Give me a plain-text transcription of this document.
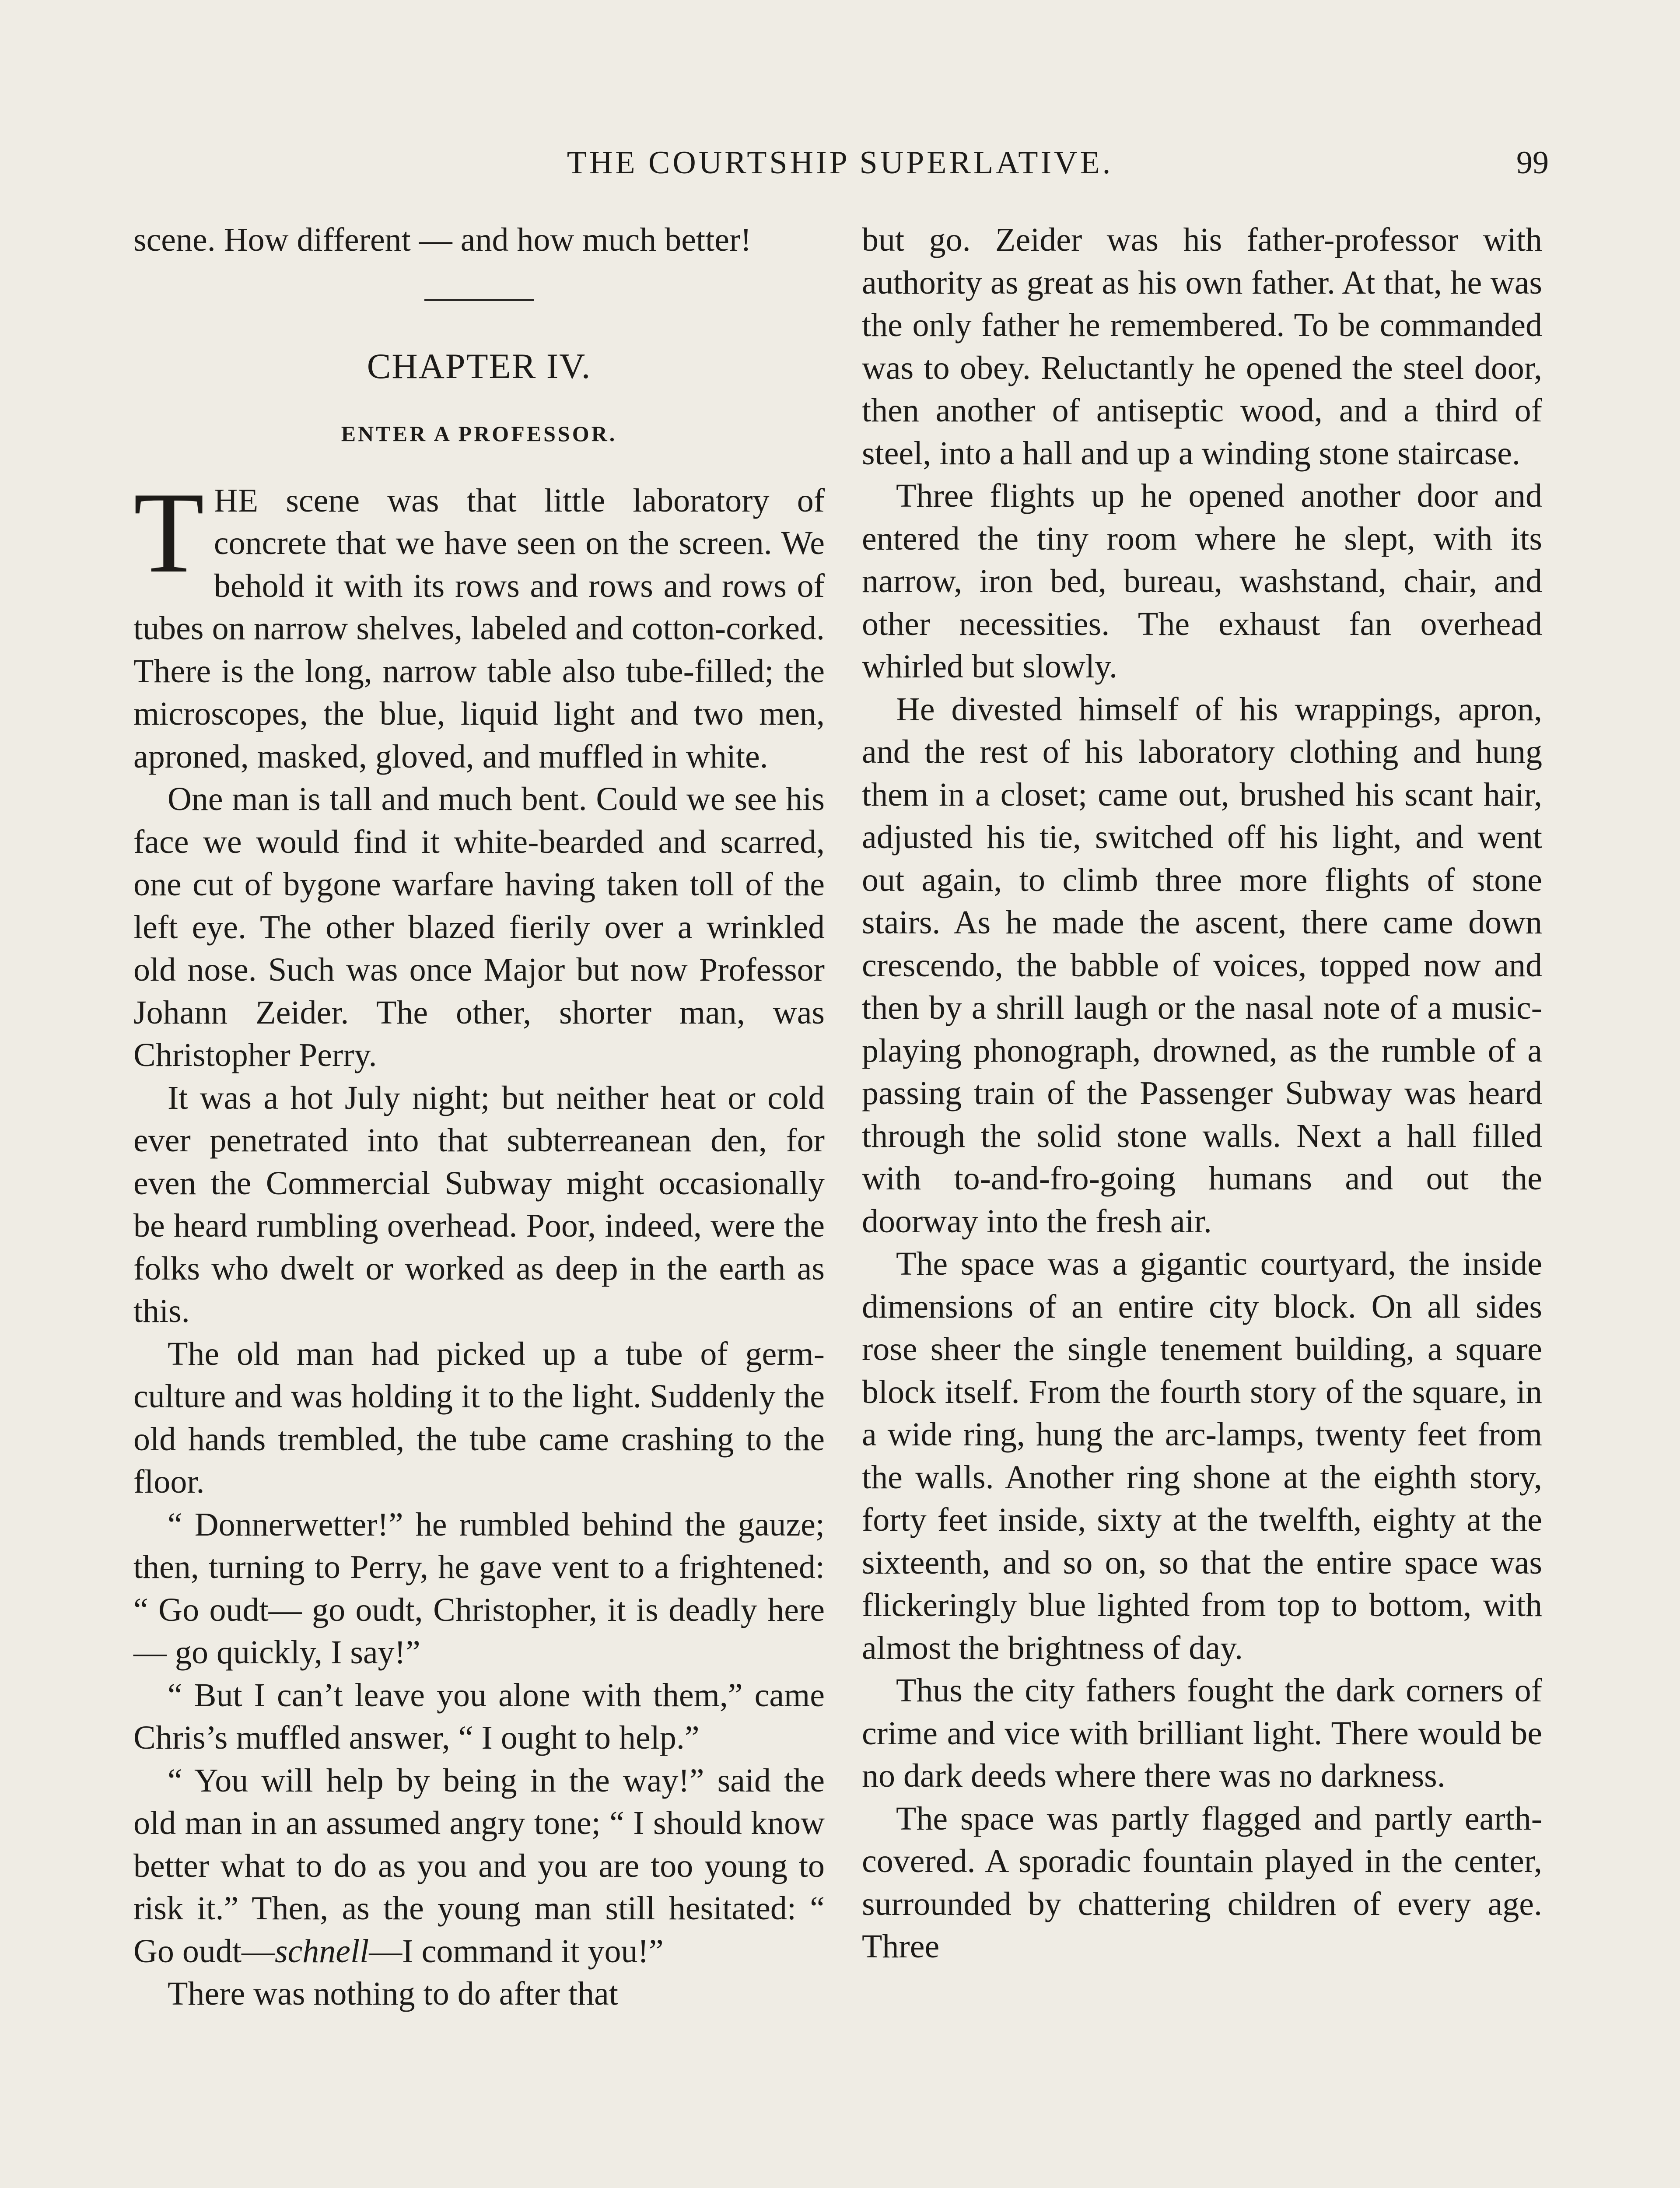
THE COURTSHIP SUPERLATIVE.	99

scene. How different — and how much better!

CHAPTER IV.
ENTER A PROFESSOR.

THE scene was that little laboratory of concrete that we have seen on the screen. We behold it with its rows and rows and rows of tubes on narrow shelves, labeled and cotton-corked. There is the long, narrow table also tube-filled; the microscopes, the blue, liquid light and two men, aproned, masked, gloved, and muffled in white.

One man is tall and much bent. Could we see his face we would find it white-bearded and scarred, one cut of bygone warfare having taken toll of the left eye. The other blazed fierily over a wrinkled old nose. Such was once Major but now Professor Johann Zeider. The other, shorter man, was Christopher Perry.

It was a hot July night; but neither heat or cold ever penetrated into that subterreanean den, for even the Commercial Subway might occasionally be heard rumbling overhead. Poor, indeed, were the folks who dwelt or worked as deep in the earth as this.

The old man had picked up a tube of germ-culture and was holding it to the light. Suddenly the old hands trembled, the tube came crashing to the floor.

“ Donnerwetter!” he rumbled behind the gauze; then, turning to Perry, he gave vent to a frightened: “ Go oudt— go oudt, Christopher, it is deadly here— go quickly, I say!”

“ But I can’t leave you alone with them,” came Chris’s muffled answer, “ I ought to help.”

“ You will help by being in the way!” said the old man in an assumed angry tone; “ I should know better what to do as you and you are too young to risk it.” Then, as the young man still hesitated: “ Go oudt—schnell—I command it you!”

There was nothing to do after that

but go. Zeider was his father-professor with authority as great as his own father. At that, he was the only father he remembered. To be commanded was to obey. Reluctantly he opened the steel door, then another of antiseptic wood, and a third of steel, into a hall and up a winding stone staircase.

Three flights up he opened another door and entered the tiny room where he slept, with its narrow, iron bed, bureau, washstand, chair, and other necessities. The exhaust fan overhead whirled but slowly.

He divested himself of his wrappings, apron, and the rest of his laboratory clothing and hung them in a closet; came out, brushed his scant hair, adjusted his tie, switched off his light, and went out again, to climb three more flights of stone stairs. As he made the ascent, there came down crescendo, the babble of voices, topped now and then by a shrill laugh or the nasal note of a music-playing phonograph, drowned, as the rumble of a passing train of the Passenger Subway was heard through the solid stone walls. Next a hall filled with to-and-fro-going humans and out the doorway into the fresh air.

The space was a gigantic courtyard, the inside dimensions of an entire city block. On all sides rose sheer the single tenement building, a square block itself. From the fourth story of the square, in a wide ring, hung the arc-lamps, twenty feet from the walls. Another ring shone at the eighth story, forty feet inside, sixty at the twelfth, eighty at the sixteenth, and so on, so that the entire space was flickeringly blue lighted from top to bottom, with almost the brightness of day.

Thus the city fathers fought the dark corners of crime and vice with brilliant light. There would be no dark deeds where there was no darkness.

The space was partly flagged and partly earth-covered. A sporadic fountain played in the center, surrounded by chattering children of every age. Three
